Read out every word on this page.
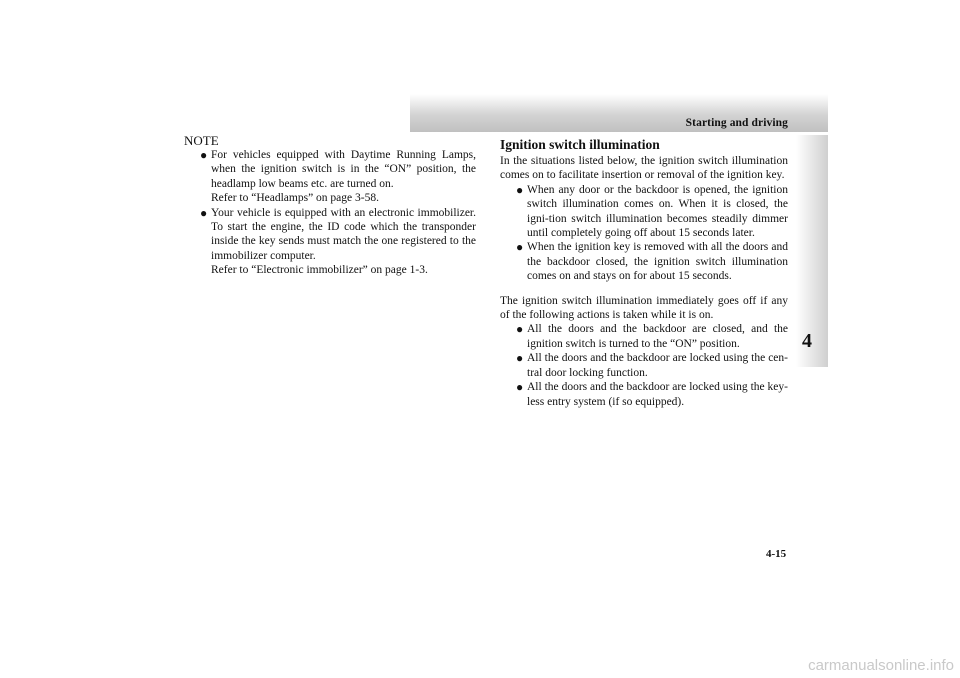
Starting and driving
4
NOTE
● For vehicles equipped with Daytime Running Lamps, when the ignition switch is in the “ON” position, the headlamp low beams etc. are turned on.
Refer to “Headlamps” on page 3-58.
● Your vehicle is equipped with an electronic immobilizer. To start the engine, the ID code which the transponder inside the key sends must match the one registered to the immobilizer computer.
Refer to “Electronic immobilizer” on page 1-3.
Ignition switch illumination

In the situations listed below, the ignition switch illumination comes on to facilitate insertion or removal of the ignition key.

● When any door or the backdoor is opened, the ignition switch illumination comes on. When it is closed, the igni-tion switch illumination becomes steadily dimmer until completely going off about 15 seconds later.
● When the ignition key is removed with all the doors and the backdoor closed, the ignition switch illumination comes on and stays on for about 15 seconds.

The ignition switch illumination immediately goes off if any of the following actions is taken while it is on.

● All the doors and the backdoor are closed, and the ignition switch is turned to the “ON” position.
● All the doors and the backdoor are locked using the cen-tral door locking function.
● All the doors and the backdoor are locked using the key-less entry system (if so equipped).
4-15
carmanualsonline.info
